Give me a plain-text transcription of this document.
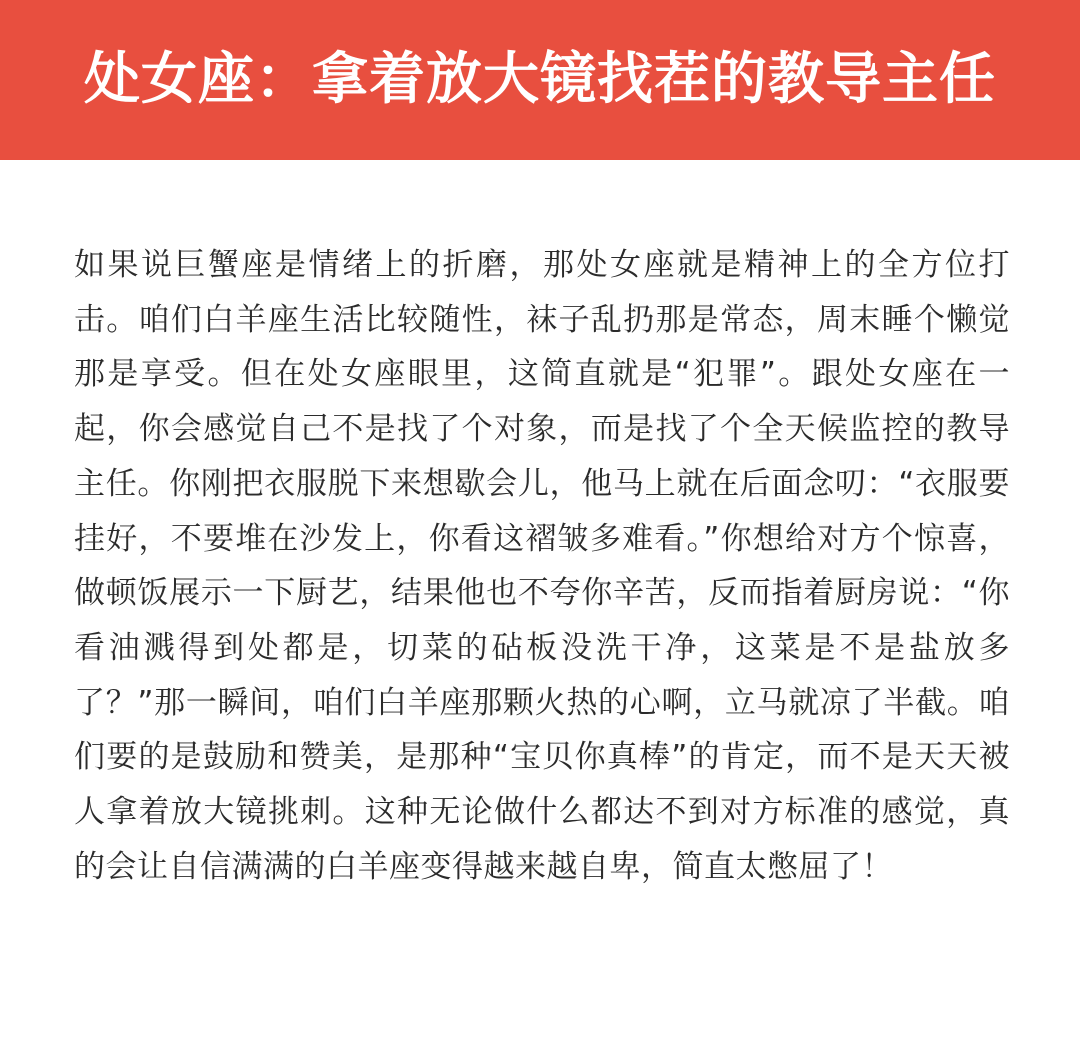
处女座：拿着放大镜找茬的教导主任

如果说巨蟹座是情绪上的折磨，那处女座就是精神上的全方位打击。咱们白羊座生活比较随性，袜子乱扔那是常态，周末睡个懒觉那是享受。但在处女座眼里，这简直就是“犯罪”。跟处女座在一起，你会感觉自己不是找了个对象，而是找了个全天候监控的教导主任。你刚把衣服脱下来想歇会儿，他马上就在后面念叨：“衣服要挂好，不要堆在沙发上，你看这褶皱多难看。”你想给对方个惊喜，做顿饭展示一下厨艺，结果他也不夸你辛苦，反而指着厨房说：“你看油溅得到处都是，切菜的砧板没洗干净，这菜是不是盐放多了？”那一瞬间，咱们白羊座那颗火热的心啊，立马就凉了半截。咱们要的是鼓励和赞美，是那种“宝贝你真棒”的肯定，而不是天天被人拿着放大镜挑刺。这种无论做什么都达不到对方标准的感觉，真的会让自信满满的白羊座变得越来越自卑，简直太憋屈了！
